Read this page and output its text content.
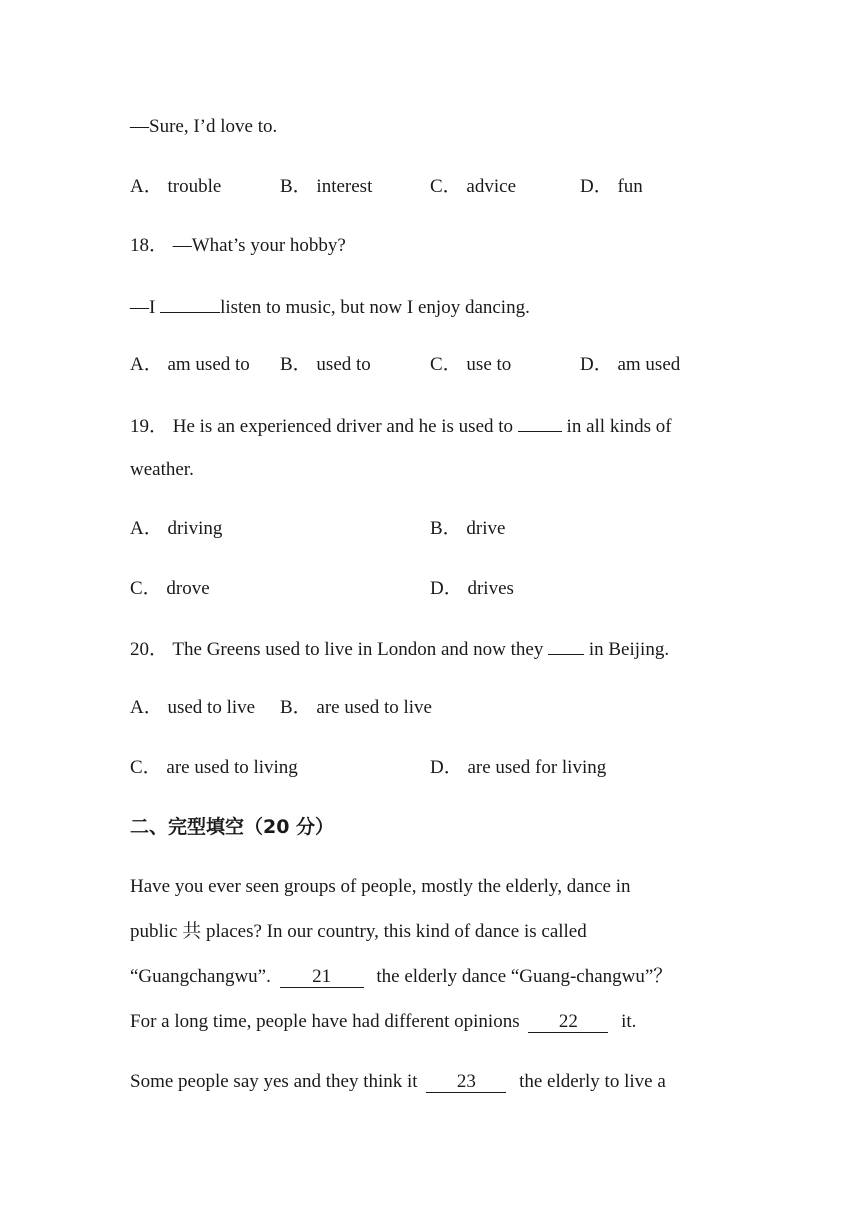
—Sure, I’d love to.
A． trouble	B． interest	C． advice	D． fun
18． —What’s your hobby?
—I	listen to music, but now I enjoy dancing.
A． am used to B． used to	C． use to	D． am used
19． He is an experienced driver and he is used to  in all kinds of
weather.
A． driving	B． drive
C． drove	D． drives
20． The Greens used to live in London and now they  in Beijing.
A． used to live B． are used to live
C． are used to living	D． are used for living
二、完型填空（20 分）
Have you ever seen groups of people, mostly the elderly, dance in
public 共 places? In our country, this kind of dance is called
“Guangchangwu”. 21 the elderly dance “Guang-changwu”？
For a long time, people have had different opinions 22 it.
Some people say yes and they think it 23 the elderly to live a
